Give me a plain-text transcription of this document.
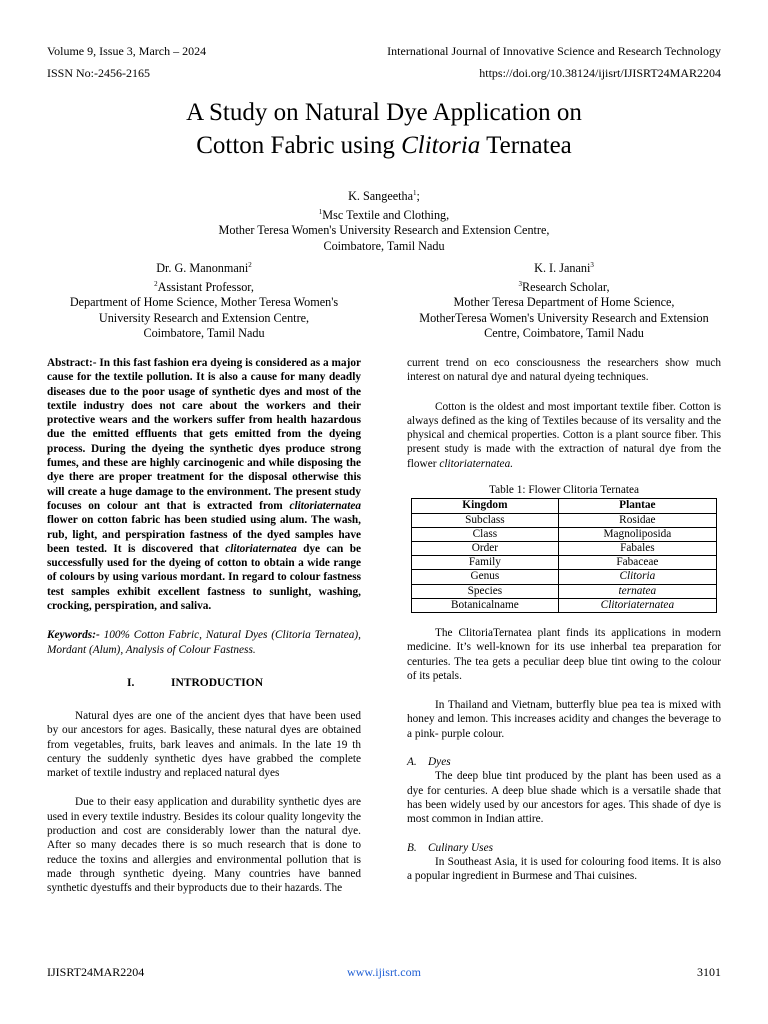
Volume 9, Issue 3, March – 2024	International Journal of Innovative Science and Research Technology
ISSN No:-2456-2165	https://doi.org/10.38124/ijisrt/IJISRT24MAR2204
A Study on Natural Dye Application on
Cotton Fabric using Clitoria Ternatea
K. Sangeetha$^1$;
$^1$Msc Textile and Clothing,
Mother Teresa Women's University Research and Extension Centre,
Coimbatore, Tamil Nadu
Dr. G. Manonmani$^2$
$^2$Assistant Professor,
Department of Home Science, Mother Teresa Women's
University Research and Extension Centre,
Coimbatore, Tamil Nadu
K. I. Janani$^3$
$^3$Research Scholar,
Mother Teresa Department of Home Science,
MotherTeresa Women's University Research and Extension
Centre, Coimbatore, Tamil Nadu

Abstract:- In this fast fashion era dyeing is considered as a major cause for the textile pollution. It is also a cause for many deadly diseases due to the poor usage of synthetic dyes and most of the textile industry does not care about the workers and their protective wears and the workers suffer from health hazardous due the emitted effluents that gets emitted from the dyeing process. During the dyeing the synthetic dyes produce strong fumes, and these are highly carcinogenic and while disposing the dye there are proper treatment for the disposal otherwise this will create a huge damage to the environment. The present study focuses on colour ant that is extracted from clitoriaternatea flower on cotton fabric has been studied using alum. The wash, rub, light, and perspiration fastness of the dyed samples have been tested. It is discovered that clitoriaternatea dye can be successfully used for the dyeing of cotton to obtain a wide range of colours by using various mordant. In regard to colour fastness test samples exhibit excellent fastness to sunlight, washing, crocking, perspiration, and saliva.

Keywords:- 100% Cotton Fabric, Natural Dyes (Clitoria Ternatea), Mordant (Alum), Analysis of Colour Fastness.

I.	INTRODUCTION

Natural dyes are one of the ancient dyes that have been used by our ancestors for ages. Basically, these natural dyes are obtained from vegetables, fruits, bark leaves and animals. In the late 19 th century the suddenly synthetic dyes have grabbed the complete market of textile industry and replaced natural dyes

Due to their easy application and durability synthetic dyes are used in every textile industry. Besides its colour quality longevity the production and cost are considerably lower than the natural dye. After so many decades there is so much research that is done to reduce the toxins and allergies and environmental pollution that is made through synthetic dyeing. Many countries have banned synthetic dyestuffs and their byproducts due to their hazards. The

current trend on eco consciousness the researchers show much interest on natural dye and natural dyeing techniques.

Cotton is the oldest and most important textile fiber. Cotton is always defined as the king of Textiles because of its versality and the physical and chemical properties. Cotton is a plant source fiber. This present study is made with the extraction of natural dye from the flower clitoriaternatea.

Table 1: Flower Clitoria Ternatea
Kingdom	Plantae
Subclass	Rosidae
Class	Magnoliposida
Order	Fabales
Family	Fabaceae
Genus	Clitoria
Species	ternatea
Botanicalname	Clitoriaternatea

The ClitoriaTernatea plant finds its applications in modern medicine. It’s well-known for its use inherbal tea preparation for centuries. The tea gets a peculiar deep blue tint owing to the colour of its petals.

In Thailand and Vietnam, butterfly blue pea tea is mixed with honey and lemon. This increases acidity and changes the beverage to a pink- purple colour.

A. Dyes

The deep blue tint produced by the plant has been used as a dye for centuries. A deep blue shade which is a versatile shade that has been widely used by our ancestors for ages. This shade of dye is most common in Indian attire.

B. Culinary Uses

In Southeast Asia, it is used for colouring food items. It is also a popular ingredient in Burmese and Thai cuisines.

IJISRT24MAR2204	www.ijisrt.com	3101
